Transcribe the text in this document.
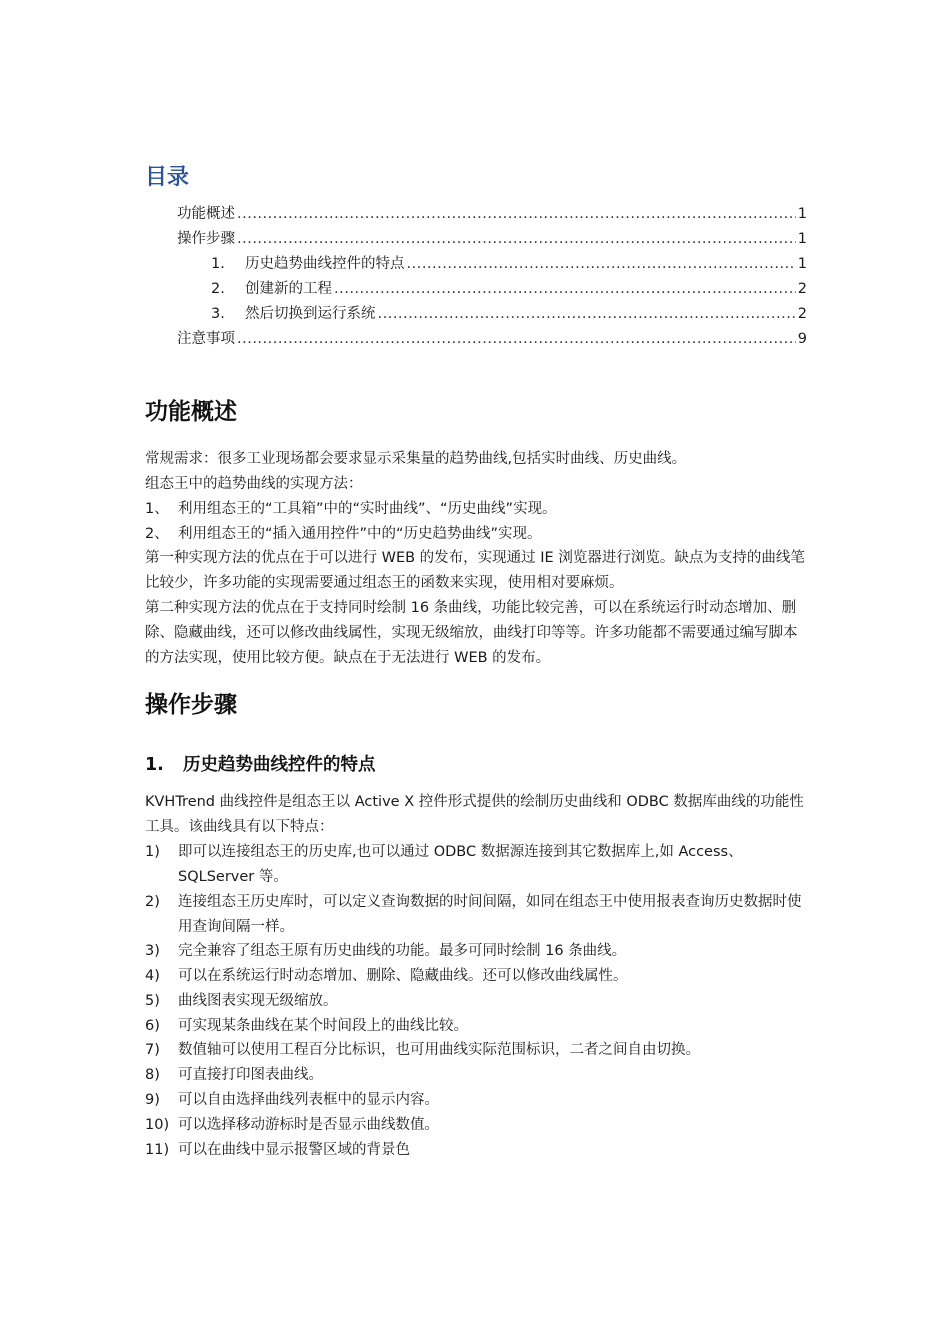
目录
功能概述 .....	1
操作步骤 .....	1
1.	历史趋势曲线控件的特点 .....	1
2.	创建新的工程 .....	2
3.	然后切换到运行系统 .....	2
注意事项 .....	9
功能概述

常规需求：很多工业现场都会要求显示采集量的趋势曲线,包括实时曲线、历史曲线。

组态王中的趋势曲线的实现方法：

1、 利用组态王的“工具箱”中的“实时曲线”、“历史曲线”实现。
2、 利用组态王的“插入通用控件”中的“历史趋势曲线”实现。

第一种实现方法的优点在于可以进行 WEB 的发布，实现通过 IE 浏览器进行浏览。缺点为支持的曲线笔比较少，许多功能的实现需要通过组态王的函数来实现，使用相对要麻烦。

第二种实现方法的优点在于支持同时绘制 16 条曲线，功能比较完善，可以在系统运行时动态增加、删除、隐藏曲线，还可以修改曲线属性，实现无级缩放，曲线打印等等。许多功能都不需要通过编写脚本的方法实现，使用比较方便。缺点在于无法进行 WEB 的发布。

操作步骤
1. 历史趋势曲线控件的特点

KVHTrend 曲线控件是组态王以 Active X 控件形式提供的绘制历史曲线和 ODBC 数据库曲线的功能性工具。该曲线具有以下特点：

1)	即可以连接组态王的历史库,也可以通过 ODBC 数据源连接到其它数据库上,如 Access、SQLServer 等。
2)	连接组态王历史库时，可以定义查询数据的时间间隔，如同在组态王中使用报表查询历史数据时使用查询间隔一样。
3)	完全兼容了组态王原有历史曲线的功能。最多可同时绘制 16 条曲线。
4)	可以在系统运行时动态增加、删除、隐藏曲线。还可以修改曲线属性。
5)	曲线图表实现无级缩放。
6)	可实现某条曲线在某个时间段上的曲线比较。
7)	数值轴可以使用工程百分比标识，也可用曲线实际范围标识，二者之间自由切换。
8)	可直接打印图表曲线。
9)	可以自由选择曲线列表框中的显示内容。
10) 可以选择移动游标时是否显示曲线数值。
11) 可以在曲线中显示报警区域的背景色
